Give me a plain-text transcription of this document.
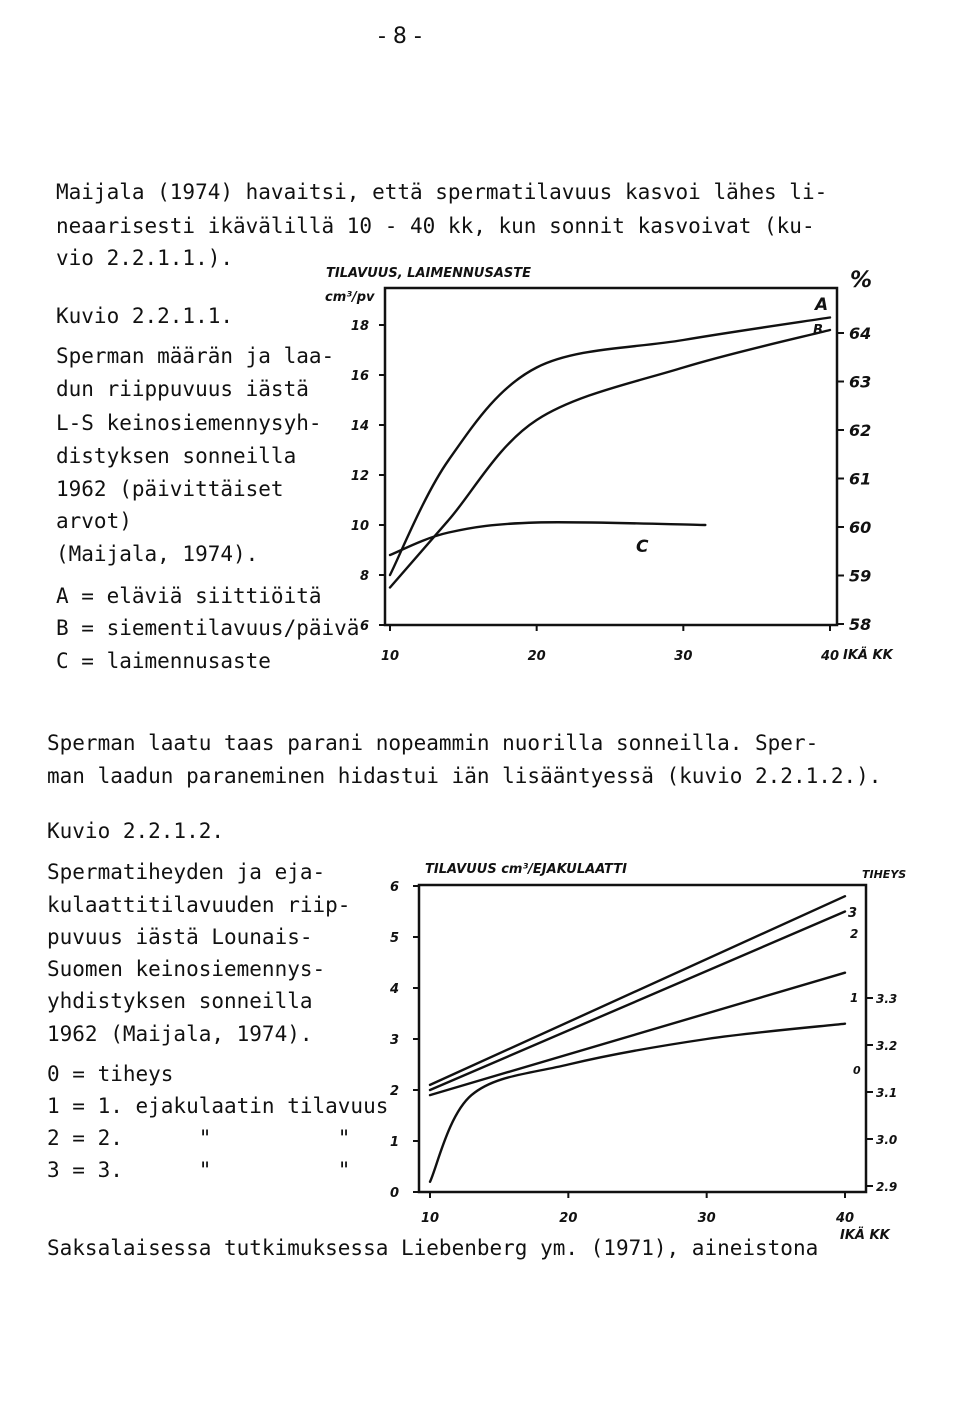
- 8 -
Maijala (1974) havaitsi, että spermatilavuus kasvoi lähes li-
neaarisesti ikävälillä 10 - 40 kk, kun sonnit kasvoivat (ku-
vio 2.2.1.1.).
Kuvio 2.2.1.1.
Sperman määrän ja laa-
dun riippuvuus iästä
L-S keinosiemennysyh-
distyksen sonneilla
1962 (päivittäiset
arvot)
(Maijala, 1974).
A = eläviä siittiöitä
B = siementilavuus/päivä
C = laimennusaste
A
B
C
18
16
14
12
10
8
6
64
63
62
61
60
59
58
10	20	30	40
TILAVUUS, LAIMENNUSASTE
cm³/pv
%
IKÄ KK
Sperman laatu taas parani nopeammin nuorilla sonneilla. Sper-
man laadun paraneminen hidastui iän lisääntyessä (kuvio 2.2.1.2.).
Kuvio 2.2.1.2.
Spermatiheyden ja eja-
kulaattitilavuuden riip-
puvuus iästä Lounais-
Suomen keinosiemennys-
yhdistyksen sonneilla
1962 (Maijala, 1974).
0 = tiheys
1 = 1. ejakulaatin tilavuus
2 = 2.      "          "
3 = 3.      "          "
3
2
1
0
6
5
4
3
2
1
0
3.3
3.2
3.1
3.0
2.9
10	20	30	40
TILAVUUS cm³/EJAKULAATTI	TIHEYS
IKÄ KK
Saksalaisessa tutkimuksessa Liebenberg ym. (1971), aineistona
